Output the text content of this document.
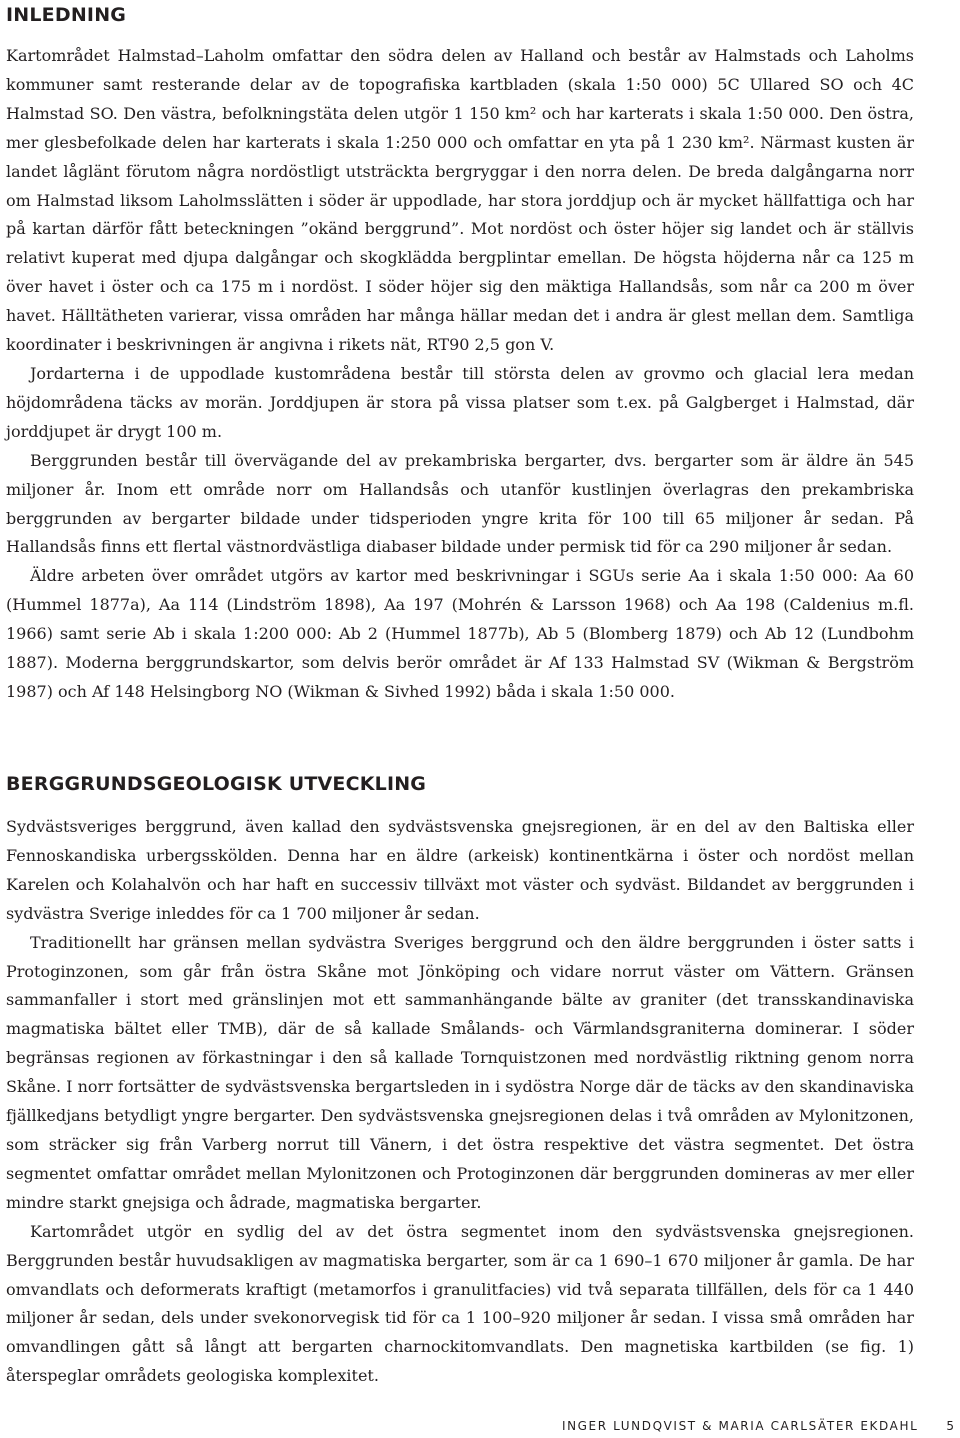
INLEDNING

Kartområdet Halmstad–Laholm omfattar den södra delen av Halland och består av Halmstads och Laholms kommuner samt resterande delar av de topografiska kartbladen (skala 1:50 000) 5C Ullared SO och 4C Halmstad SO. Den västra, befolkningstäta delen utgör 1 150 km² och har karterats i skala 1:50 000. Den östra, mer glesbefolkade delen har karterats i skala 1:250 000 och omfattar en yta på 1 230 km². Närmast kusten är landet låglänt förutom några nordöstligt utsträckta bergryggar i den norra delen. De breda dalgångarna norr om Halmstad liksom Laholmsslätten i söder är uppodlade, har stora jorddjup och är mycket hällfattiga och har på kartan därför fått beteckningen ”okänd berggrund”. Mot nordöst och öster höjer sig landet och är ställvis relativt kuperat med djupa dalgångar och skogklädda bergplintar emellan. De högsta höjderna når ca 125 m över havet i öster och ca 175 m i nordöst. I söder höjer sig den mäktiga Hallandsås, som når ca 200 m över havet. Hälltätheten varierar, vissa områden har många hällar medan det i andra är glest mellan dem. Samtliga koordinater i beskrivningen är angivna i rikets nät, RT90 2,5 gon V.

Jordarterna i de uppodlade kustområdena består till största delen av grovmo och glacial lera medan höjdområdena täcks av morän. Jorddjupen är stora på vissa platser som t.ex. på Galgberget i Halmstad, där jorddjupet är drygt 100 m.

Berggrunden består till övervägande del av prekambriska bergarter, dvs. bergarter som är äldre än 545 miljoner år. Inom ett område norr om Hallandsås och utanför kustlinjen överlagras den prekambriska berggrunden av bergarter bildade under tidsperioden yngre krita för 100 till 65 miljoner år sedan. På Hallandsås finns ett flertal västnordvästliga diabaser bildade under permisk tid för ca 290 miljoner år sedan.

Äldre arbeten över området utgörs av kartor med beskrivningar i SGUs serie Aa i skala 1:50 000: Aa 60 (Hummel 1877a), Aa 114 (Lindström 1898), Aa 197 (Mohrén & Larsson 1968) och Aa 198 (Caldenius m.fl. 1966) samt serie Ab i skala 1:200 000: Ab 2 (Hummel 1877b), Ab 5 (Blomberg 1879) och Ab 12 (Lundbohm 1887). Moderna berggrundskartor, som delvis berör området är Af 133 Halmstad SV (Wikman & Bergström 1987) och Af 148 Helsingborg NO (Wikman & Sivhed 1992) båda i skala 1:50 000.

BERGGRUNDSGEOLOGISK UTVECKLING

Sydvästsveriges berggrund, även kallad den sydvästsvenska gnejsregionen, är en del av den Baltiska eller Fennoskandiska urbergsskölden. Denna har en äldre (arkeisk) kontinentkärna i öster och nordöst mellan Karelen och Kolahalvön och har haft en successiv tillväxt mot väster och sydväst. Bildandet av berggrunden i sydvästra Sverige inleddes för ca 1 700 miljoner år sedan.

Traditionellt har gränsen mellan sydvästra Sveriges berggrund och den äldre berggrunden i öster satts i Protoginzonen, som går från östra Skåne mot Jönköping och vidare norrut väster om Vättern. Gränsen sammanfaller i stort med gränslinjen mot ett sammanhängande bälte av graniter (det transskandinaviska magmatiska bältet eller TMB), där de så kallade Smålands- och Värmlandsgraniterna dominerar. I söder begränsas regionen av förkastningar i den så kallade Tornquistzonen med nordvästlig riktning genom norra Skåne. I norr fortsätter de sydvästsvenska bergartsleden in i sydöstra Norge där de täcks av den skandinaviska fjällkedjans betydligt yngre bergarter. Den sydvästsvenska gnejsregionen delas i två områden av Mylonitzonen, som sträcker sig från Varberg norrut till Vänern, i det östra respektive det västra segmentet. Det östra segmentet omfattar området mellan Mylonitzonen och Protoginzonen där berggrunden domineras av mer eller mindre starkt gnejsiga och ådrade, magmatiska bergarter.

Kartområdet utgör en sydlig del av det östra segmentet inom den sydvästsvenska gnejsregionen. Berggrunden består huvudsakligen av magmatiska bergarter, som är ca 1 690–1 670 miljoner år gamla. De har omvandlats och deformerats kraftigt (metamorfos i granulitfacies) vid två separata tillfällen, dels för ca 1 440 miljoner år sedan, dels under svekonorvegisk tid för ca 1 100–920 miljoner år sedan. I vissa små områden har omvandlingen gått så långt att bergarten charnockitomvandlats. Den magnetiska kartbilden (se fig. 1) återspeglar områdets geologiska komplexitet.

INGER LUNDQVIST & MARIA CARLSÄTER EKDAHL 5
